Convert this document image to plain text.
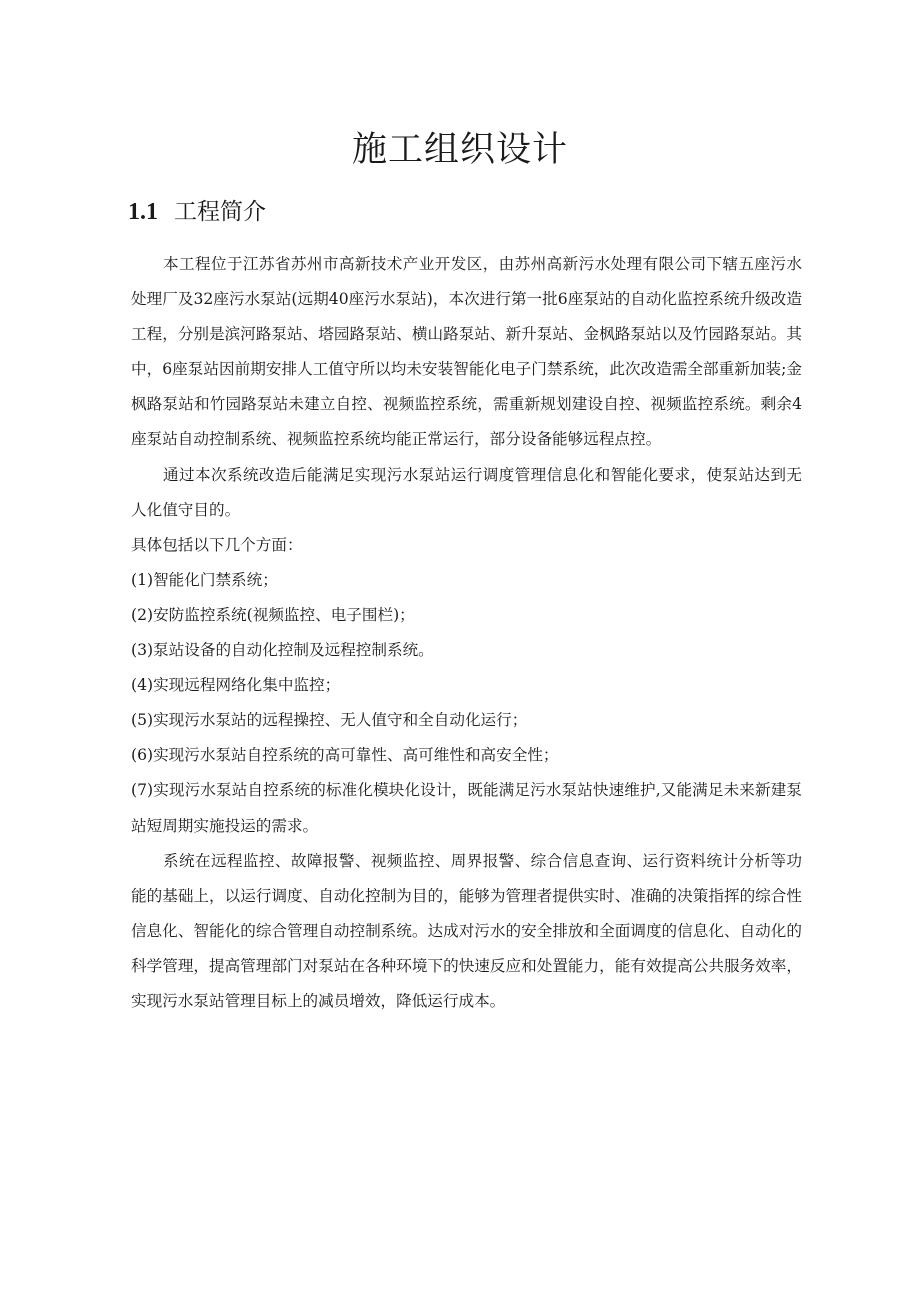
施工组织设计
1.1 工程简介

本工程位于江苏省苏州市高新技术产业开发区，由苏州高新污水处理有限公司下辖五座污水处理厂及32座污水泵站(远期40座污水泵站)，本次进行第一批6座泵站的自动化监控系统升级改造工程，分别是滨河路泵站、塔园路泵站、横山路泵站、新升泵站、金枫路泵站以及竹园路泵站。其中，6座泵站因前期安排人工值守所以均未安装智能化电子门禁系统，此次改造需全部重新加装;金枫路泵站和竹园路泵站未建立自控、视频监控系统，需重新规划建设自控、视频监控系统。剩余4座泵站自动控制系统、视频监控系统均能正常运行，部分设备能够远程点控。

通过本次系统改造后能满足实现污水泵站运行调度管理信息化和智能化要求，使泵站达到无人化值守目的。

具体包括以下几个方面：

(1)智能化门禁系统；

(2)安防监控系统(视频监控、电子围栏)；

(3)泵站设备的自动化控制及远程控制系统。

(4)实现远程网络化集中监控；

(5)实现污水泵站的远程操控、无人值守和全自动化运行；

(6)实现污水泵站自控系统的高可靠性、高可维性和高安全性；

(7)实现污水泵站自控系统的标准化模块化设计，既能满足污水泵站快速维护,又能满足未来新建泵站短周期实施投运的需求。

系统在远程监控、故障报警、视频监控、周界报警、综合信息查询、运行资料统计分析等功能的基础上，以运行调度、自动化控制为目的，能够为管理者提供实时、准确的决策指挥的综合性信息化、智能化的综合管理自动控制系统。达成对污水的安全排放和全面调度的信息化、自动化的科学管理，提高管理部门对泵站在各种环境下的快速反应和处置能力，能有效提高公共服务效率，实现污水泵站管理目标上的减员增效，降低运行成本。
